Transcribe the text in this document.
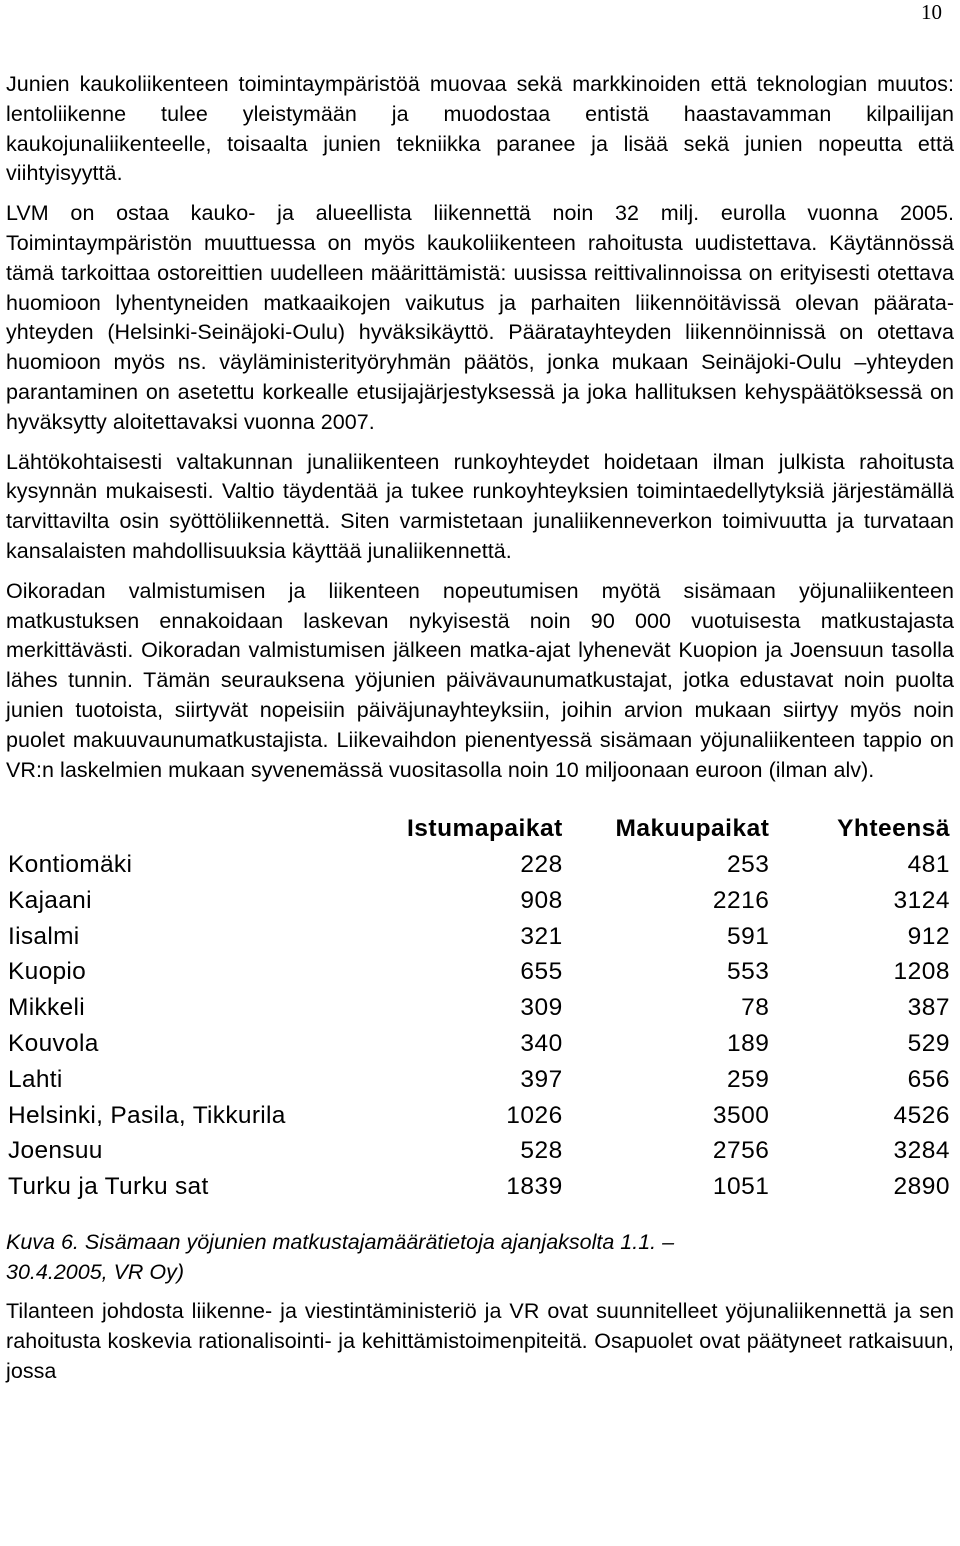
10

Junien kaukoliikenteen toimintaympäristöä muovaa sekä markkinoiden että teknologian muutos: lentoliikenne tulee yleistymään ja muodostaa entistä haastavamman kilpailijan kaukojunaliikenteelle, toisaalta junien tekniikka paranee ja lisää sekä junien nopeutta että viihtyisyyttä.

LVM on ostaa kauko- ja alueellista liikennettä noin 32 milj. eurolla vuonna 2005. Toimintaympäristön muuttuessa on myös kaukoliikenteen rahoitusta uudistettava. Käytännössä tämä tarkoittaa ostoreittien uudelleen määrittämistä: uusissa reittivalinnoissa on erityisesti otettava huomioon lyhentyneiden matkaaikojen vaikutus ja parhaiten liikennöitävissä olevan pääratayhteyden (Helsinki-Seinäjoki-Oulu) hyväksikäyttö. Pääratayhteyden liikennöinnissä on otettava huomioon myös ns. väyläministerityöryhmän päätös, jonka mukaan Seinäjoki-Oulu –yhteyden parantaminen on asetettu korkealle etusijajärjestyksessä ja joka hallituksen kehyspäätöksessä on hyväksytty aloitettavaksi vuonna 2007.

Lähtökohtaisesti valtakunnan junaliikenteen runkoyhteydet hoidetaan ilman julkista rahoitusta kysynnän mukaisesti. Valtio täydentää ja tukee runkoyhteyksien toimintaedellytyksiä järjestämällä tarvittavilta osin syöttöliikennettä. Siten varmistetaan junaliikenneverkon toimivuutta ja turvataan kansalaisten mahdollisuuksia käyttää junaliikennettä.

Oikoradan valmistumisen ja liikenteen nopeutumisen myötä sisämaan yöjunaliikenteen matkustuksen ennakoidaan laskevan nykyisestä noin 90 000 vuotuisesta matkustajasta merkittävästi. Oikoradan valmistumisen jälkeen matka-ajat lyhenevät Kuopion ja Joensuun tasolla lähes tunnin. Tämän seurauksena yöjunien päivävaunumatkustajat, jotka edustavat noin puolta junien tuotoista, siirtyvät nopeisiin päiväjunayhteyksiin, joihin arvion mukaan siirtyy myös noin puolet makuuvaunumatkustajista. Liikevaihdon pienentyessä sisämaan yöjunaliikenteen tappio on VR:n laskelmien mukaan syvenemässä vuositasolla noin 10 miljoonaan euroon (ilman alv).

	Istumapaikat	Makuupaikat	Yhteensä
Kontiomäki	228	253	481
Kajaani	908	2216	3124
Iisalmi	321	591	912
Kuopio	655	553	1208
Mikkeli	309	78	387
Kouvola	340	189	529
Lahti	397	259	656
Helsinki, Pasila, Tikkurila	1026	3500	4526
Joensuu	528	2756	3284
Turku ja Turku sat	1839	1051	2890
Kuva 6. Sisämaan yöjunien matkustajamäärätietoja ajanjaksolta 1.1. –
30.4.2005, VR Oy)

Tilanteen johdosta liikenne- ja viestintäministeriö ja VR ovat suunnitelleet yöjunaliikennettä ja sen rahoitusta koskevia rationalisointi- ja kehittämistoimenpiteitä. Osapuolet ovat päätyneet ratkaisuun, jossa
